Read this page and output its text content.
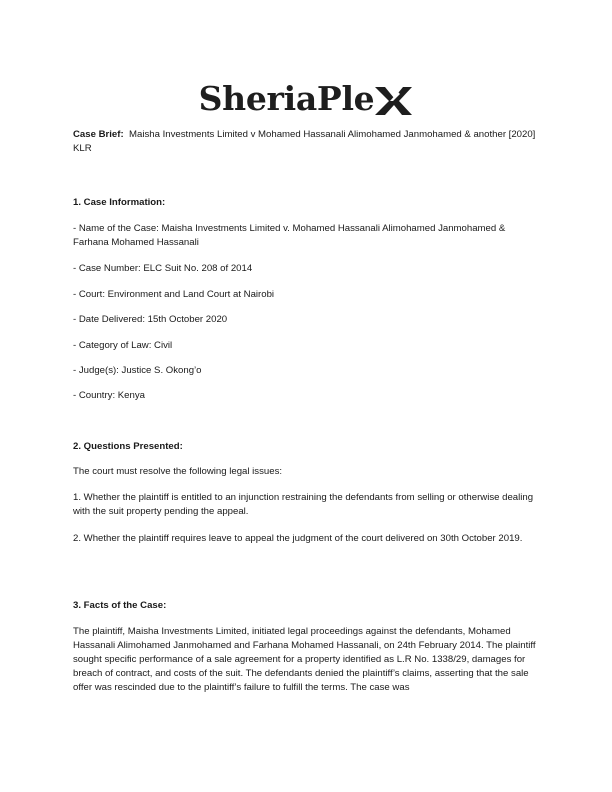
SheriaPle

Case Brief: Maisha Investments Limited v Mohamed Hassanali Alimohamed Janmohamed & another [2020] KLR

1. Case Information:

- Name of the Case: Maisha Investments Limited v. Mohamed Hassanali Alimohamed Janmohamed & Farhana Mohamed Hassanali

- Case Number: ELC Suit No. 208 of 2014

- Court: Environment and Land Court at Nairobi

- Date Delivered: 15th October 2020

- Category of Law: Civil

- Judge(s): Justice S. Okong’o

- Country: Kenya

2. Questions Presented:

The court must resolve the following legal issues:

1. Whether the plaintiff is entitled to an injunction restraining the defendants from selling or otherwise dealing with the suit property pending the appeal.

2. Whether the plaintiff requires leave to appeal the judgment of the court delivered on 30th October 2019.

3. Facts of the Case:

The plaintiff, Maisha Investments Limited, initiated legal proceedings against the defendants, Mohamed Hassanali Alimohamed Janmohamed and Farhana Mohamed Hassanali, on 24th February 2014. The plaintiff sought specific performance of a sale agreement for a property identified as L.R No. 1338/29, damages for breach of contract, and costs of the suit. The defendants denied the plaintiff’s claims, asserting that the sale offer was rescinded due to the plaintiff’s failure to fulfill the terms. The case was
